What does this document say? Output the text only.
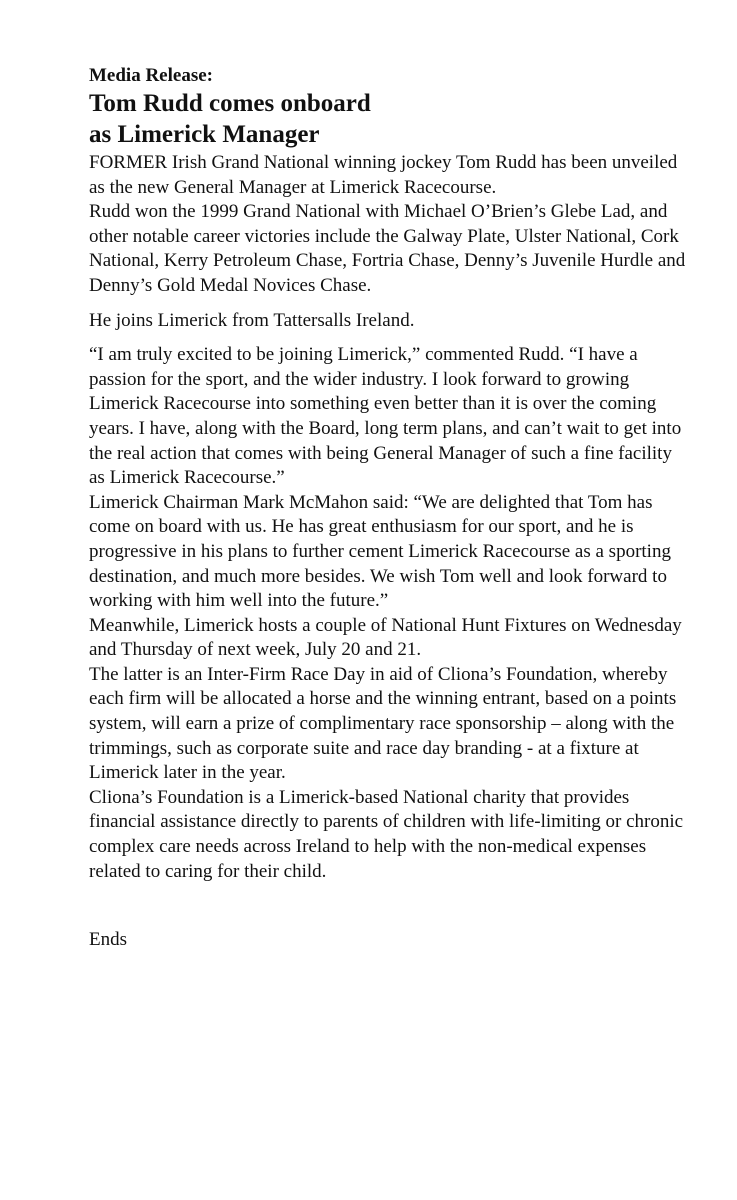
Media Release:

Tom Rudd comes onboard
as Limerick Manager

FORMER Irish Grand National winning jockey Tom Rudd has been unveiled as the new General Manager at Limerick Racecourse.

Rudd won the 1999 Grand National with Michael O’Brien’s Glebe Lad, and other notable career victories include the Galway Plate, Ulster National, Cork National, Kerry Petroleum Chase, Fortria Chase, Denny’s Juvenile Hurdle and Denny’s Gold Medal Novices Chase.

He joins Limerick from Tattersalls Ireland.

“I am truly excited to be joining Limerick,” commented Rudd. “I have a passion for the sport, and the wider industry. I look forward to growing Limerick Racecourse into something even better than it is over the coming years. I have, along with the Board, long term plans, and can’t wait to get into the real action that comes with being General Manager of such a fine facility as Limerick Racecourse.”

Limerick Chairman Mark McMahon said: “We are delighted that Tom has come on board with us. He has great enthusiasm for our sport, and he is progressive in his plans to further cement Limerick Racecourse as a sporting destination, and much more besides. We wish Tom well and look forward to working with him well into the future.”

Meanwhile, Limerick hosts a couple of National Hunt Fixtures on Wednesday and Thursday of next week, July 20 and 21.

The latter is an Inter-Firm Race Day in aid of Cliona’s Foundation, whereby each firm will be allocated a horse and the winning entrant, based on a points system, will earn a prize of complimentary race sponsorship – along with the trimmings, such as corporate suite and race day branding - at a fixture at Limerick later in the year.

Cliona’s Foundation is a Limerick-based National charity that provides financial assistance directly to parents of children with life-limiting or chronic complex care needs across Ireland to help with the non-medical expenses related to caring for their child.

Ends
